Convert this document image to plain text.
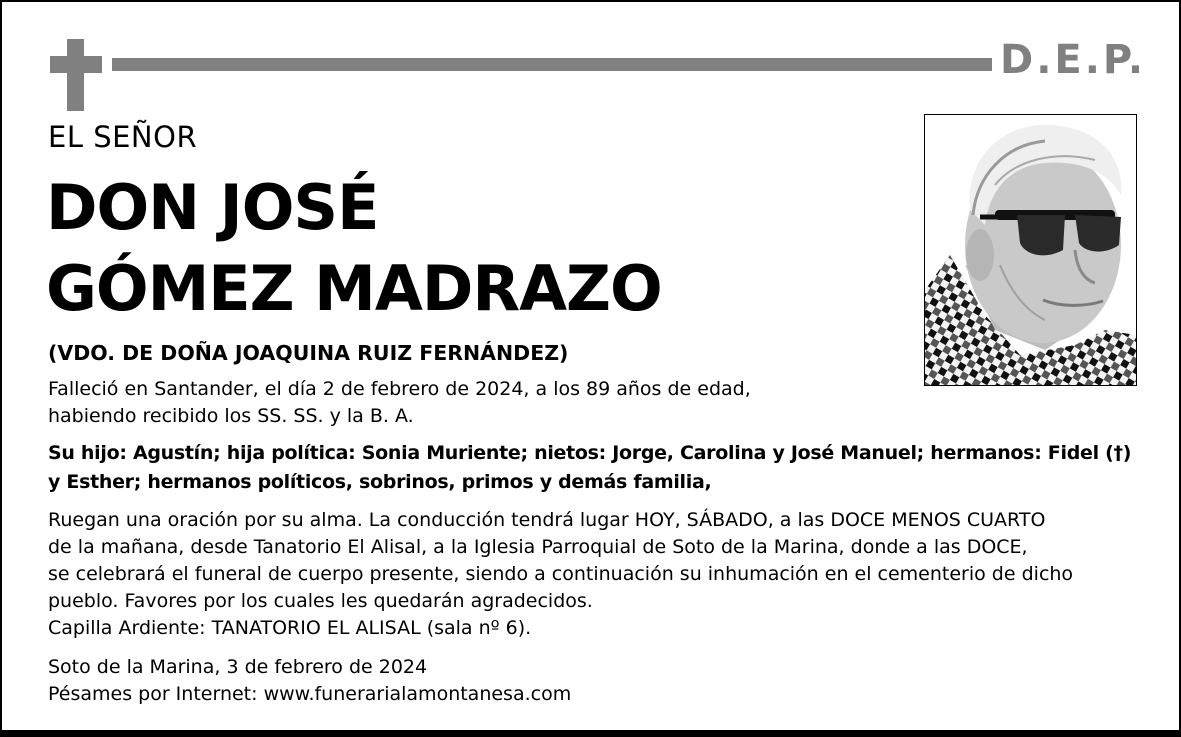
D.E.P.
EL SEÑOR
DON JOSÉ
GÓMEZ MADRAZO
(VDO. DE DOÑA JOAQUINA RUIZ FERNÁNDEZ)
Falleció en Santander, el día 2 de febrero de 2024, a los 89 años de edad,
habiendo recibido los SS. SS. y la B. A.
Su hijo: Agustín; hija política: Sonia Muriente; nietos: Jorge, Carolina y José Manuel; hermanos: Fidel (†)
y Esther; hermanos políticos, sobrinos, primos y demás familia,
Ruegan una oración por su alma. La conducción tendrá lugar HOY, SÁBADO, a las DOCE MENOS CUARTO
de la mañana, desde Tanatorio El Alisal, a la Iglesia Parroquial de Soto de la Marina, donde a las DOCE,
se celebrará el funeral de cuerpo presente, siendo a continuación su inhumación en el cementerio de dicho
pueblo. Favores por los cuales les quedarán agradecidos.
Capilla Ardiente: TANATORIO EL ALISAL (sala nº 6).
Soto de la Marina, 3 de febrero de 2024
Pésames por Internet: www.funerarialamontanesa.com
